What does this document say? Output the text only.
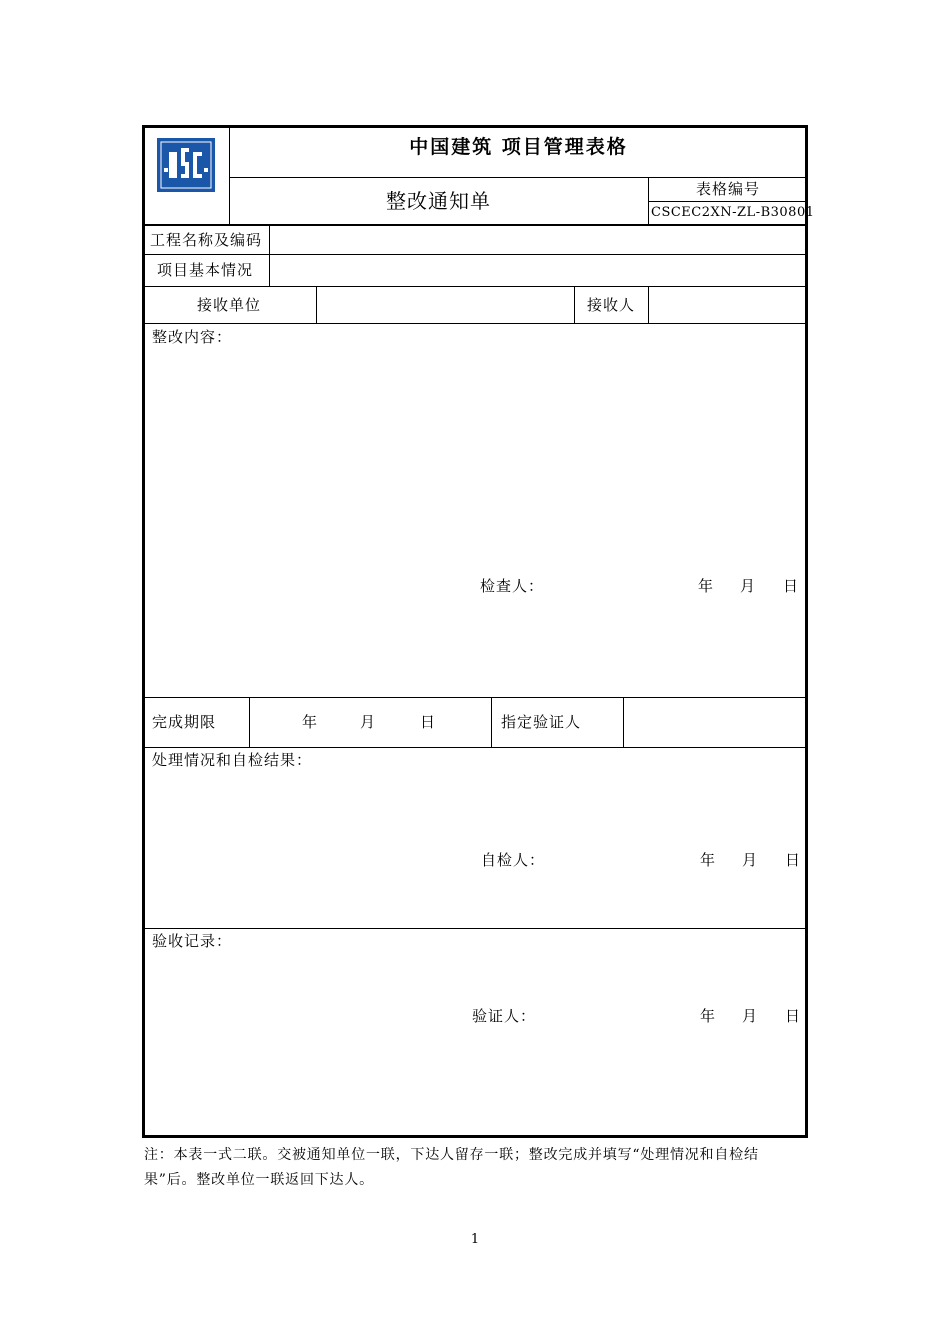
中国建筑 项目管理表格
整改通知单	表格编号
CSCEC2XN-ZL-B30801
工程名称及编码
项目基本情况
接收单位	接收人
整改内容：
检查人：	年 月 日
完成期限	年	月	日	指定验证人
处理情况和自检结果：
自检人：	年 月 日
验收记录：
验证人：	年 月 日
注：本表一式二联。交被通知单位一联，下达人留存一联；整改完成并填写“处理情况和自检结果”后。整改单位一联返回下达人。
1
